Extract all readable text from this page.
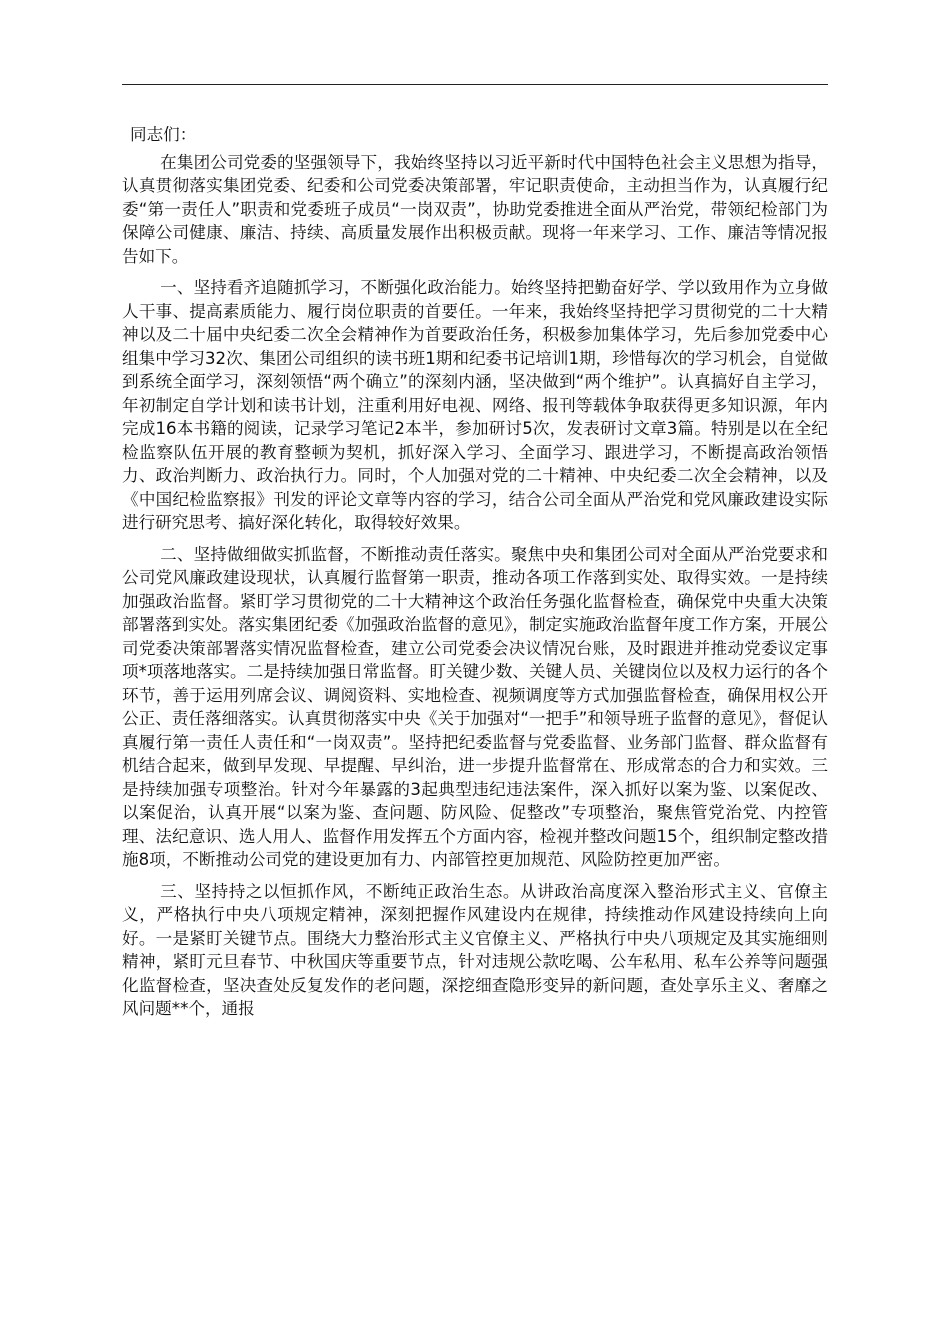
同志们：

在集团公司党委的坚强领导下，我始终坚持以习近平新时代中国特色社会主义思想为指导，认真贯彻落实集团党委、纪委和公司党委决策部署，牢记职责使命，主动担当作为，认真履行纪委“第一责任人”职责和党委班子成员“一岗双责”，协助党委推进全面从严治党，带领纪检部门为保障公司健康、廉洁、持续、高质量发展作出积极贡献。现将一年来学习、工作、廉洁等情况报告如下。

一、坚持看齐追随抓学习，不断强化政治能力。始终坚持把勤奋好学、学以致用作为立身做人干事、提高素质能力、履行岗位职责的首要任。一年来，我始终坚持把学习贯彻党的二十大精神以及二十届中央纪委二次全会精神作为首要政治任务，积极参加集体学习，先后参加党委中心组集中学习32次、集团公司组织的读书班1期和纪委书记培训1期，珍惜每次的学习机会，自觉做到系统全面学习，深刻领悟“两个确立”的深刻内涵，坚决做到“两个维护”。认真搞好自主学习，年初制定自学计划和读书计划，注重利用好电视、网络、报刊等载体争取获得更多知识源，年内完成16本书籍的阅读，记录学习笔记2本半，参加研讨5次，发表研讨文章3篇。特别是以在全纪检监察队伍开展的教育整顿为契机，抓好深入学习、全面学习、跟进学习，不断提高政治领悟力、政治判断力、政治执行力。同时，个人加强对党的二十精神、中央纪委二次全会精神，以及《中国纪检监察报》刊发的评论文章等内容的学习，结合公司全面从严治党和党风廉政建设实际进行研究思考、搞好深化转化，取得较好效果。

二、坚持做细做实抓监督，不断推动责任落实。聚焦中央和集团公司对全面从严治党要求和公司党风廉政建设现状，认真履行监督第一职责，推动各项工作落到实处、取得实效。一是持续加强政治监督。紧盯学习贯彻党的二十大精神这个政治任务强化监督检查，确保党中央重大决策部署落到实处。落实集团纪委《加强政治监督的意见》，制定实施政治监督年度工作方案，开展公司党委决策部署落实情况监督检查，建立公司党委会决议情况台账，及时跟进并推动党委议定事项*项落地落实。二是持续加强日常监督。盯关键少数、关键人员、关键岗位以及权力运行的各个环节，善于运用列席会议、调阅资料、实地检查、视频调度等方式加强监督检查，确保用权公开公正、责任落细落实。认真贯彻落实中央《关于加强对“一把手”和领导班子监督的意见》，督促认真履行第一责任人责任和“一岗双责”。坚持把纪委监督与党委监督、业务部门监督、群众监督有机结合起来，做到早发现、早提醒、早纠治，进一步提升监督常在、形成常态的合力和实效。三是持续加强专项整治。针对今年暴露的3起典型违纪违法案件，深入抓好以案为鉴、以案促改、以案促治，认真开展“以案为鉴、查问题、防风险、促整改”专项整治，聚焦管党治党、内控管理、法纪意识、选人用人、监督作用发挥五个方面内容，检视并整改问题15个，组织制定整改措施8项，不断推动公司党的建设更加有力、内部管控更加规范、风险防控更加严密。

三、坚持持之以恒抓作风，不断纯正政治生态。从讲政治高度深入整治形式主义、官僚主义，严格执行中央八项规定精神，深刻把握作风建设内在规律，持续推动作风建设持续向上向好。一是紧盯关键节点。围绕大力整治形式主义官僚主义、严格执行中央八项规定及其实施细则精神，紧盯元旦春节、中秋国庆等重要节点，针对违规公款吃喝、公车私用、私车公养等问题强化监督检查，坚决查处反复发作的老问题，深挖细查隐形变异的新问题，查处享乐主义、奢靡之风问题**个，通报
